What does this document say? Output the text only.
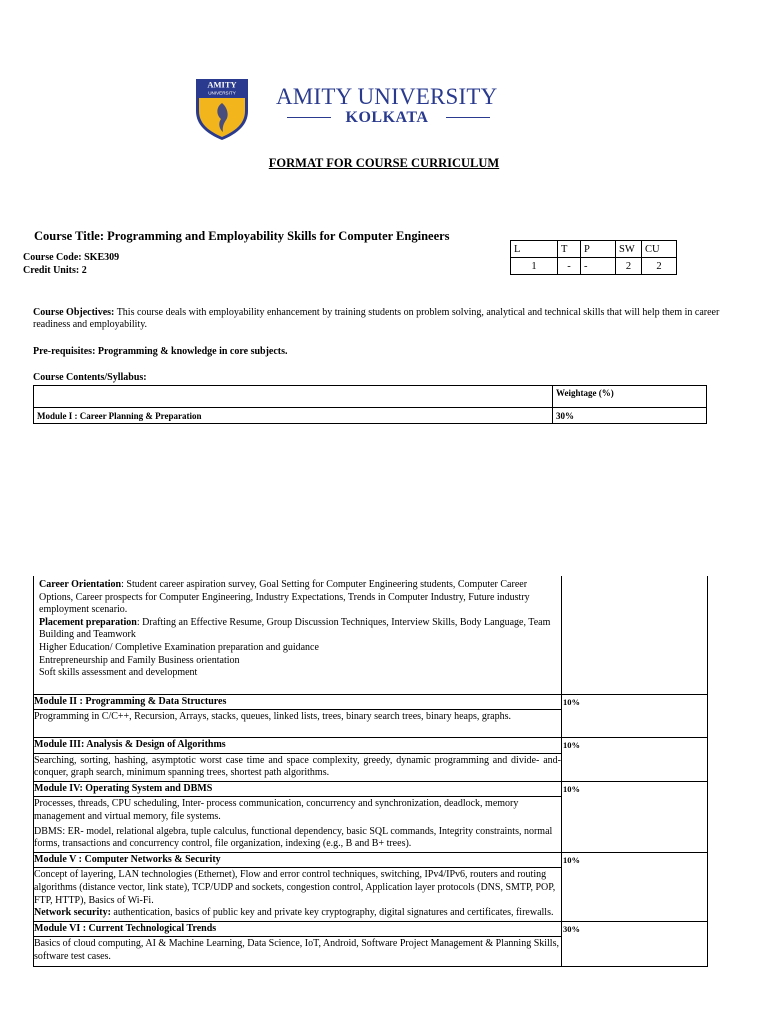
AMITY
UNIVERSITY AMITY UNIVERSITY
KOLKATA
FORMAT FOR COURSE CURRICULUM
Course Title: Programming and Employability Skills for Computer Engineers
Course Code: SKE309
Credit Units: 2
L	T	P	SW	CU
1	-	-	2	2
Course Objectives: This course deals with employability enhancement by training students on problem solving, analytical and technical skills that will help them in career readiness and employability.
Pre-requisites: Programming & knowledge in core subjects.
Course Contents/Syllabus:
	Weightage (%)
Module I : Career Planning & Preparation	30%
Career Orientation: Student career aspiration survey, Goal Setting for Computer Engineering students, Computer Career Options, Career prospects for Computer Engineering, Industry Expectations, Trends in Computer Industry, Future industry employment scenario.
Placement preparation: Drafting an Effective Resume, Group Discussion Techniques, Interview Skills, Body Language, Team Building and Teamwork
Higher Education/ Completive Examination preparation and guidance
Entrepreneurship and Family Business orientation
Soft skills assessment and development	

Module II : Programming & Data Structures	10%
Programming in C/C++, Recursion, Arrays, stacks, queues, linked lists, trees, binary search trees, binary heaps, graphs.	
Module III: Analysis & Design of Algorithms	10%
Searching, sorting, hashing, asymptotic worst case time and space complexity, greedy, dynamic programming and divide- and- conquer, graph search, minimum spanning trees, shortest path algorithms.	
Module IV: Operating System and DBMS	10%

Processes, threads, CPU scheduling, Inter- process communication, concurrency and synchronization, deadlock, memory management and virtual memory, file systems.
DBMS: ER- model, relational algebra, tuple calculus, functional dependency, basic SQL commands, Integrity constraints, normal forms, transactions and concurrency control, file organization, indexing (e.g., B and B+ trees).	

Module V : Computer Networks & Security	10%

Concept of layering, LAN technologies (Ethernet), Flow and error control techniques, switching, IPv4/IPv6, routers and routing algorithms (distance vector, link state), TCP/UDP and sockets, congestion control, Application layer protocols (DNS, SMTP, POP, FTP, HTTP), Basics of Wi-Fi.
Network security: authentication, basics of public key and private key cryptography, digital signatures and certificates, firewalls.	

Module VI : Current Technological Trends	30%
Basics of cloud computing, AI & Machine Learning, Data Science, IoT, Android, Software Project Management & Planning Skills, software test cases.	
